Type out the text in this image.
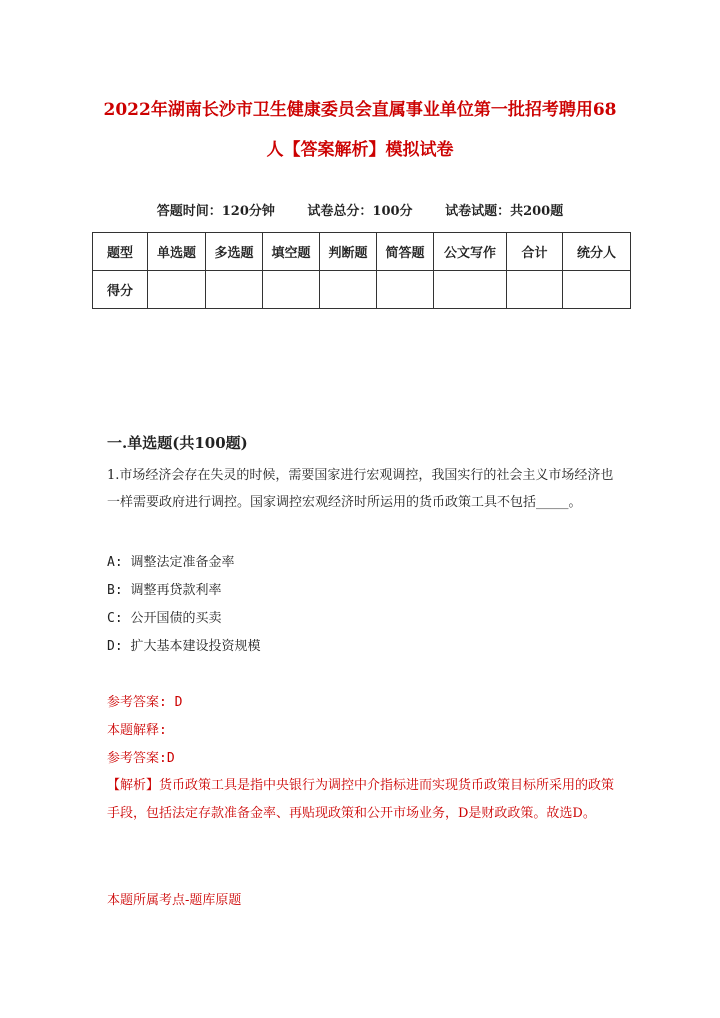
2022年湖南长沙市卫生健康委员会直属事业单位第一批招考聘用68
人【答案解析】模拟试卷
答题时间：120分钟	试卷总分：100分	试卷试题：共200题
题型	单选题	多选题	填空题	判断题	简答题	公文写作	合计	统分人
得分								
一.单选题(共100题)
1.市场经济会存在失灵的时候，需要国家进行宏观调控，我国实行的社会主义市场经济也一样需要政府进行调控。国家调控宏观经济时所运用的货币政策工具不包括_____。
A: 调整法定准备金率
B: 调整再贷款利率
C: 公开国债的买卖
D: 扩大基本建设投资规模
参考答案: D
本题解释:
参考答案:D
【解析】货币政策工具是指中央银行为调控中介指标进而实现货币政策目标所采用的政策手段，包括法定存款准备金率、再贴现政策和公开市场业务，D是财政政策。故选D。
本题所属考点-题库原题
